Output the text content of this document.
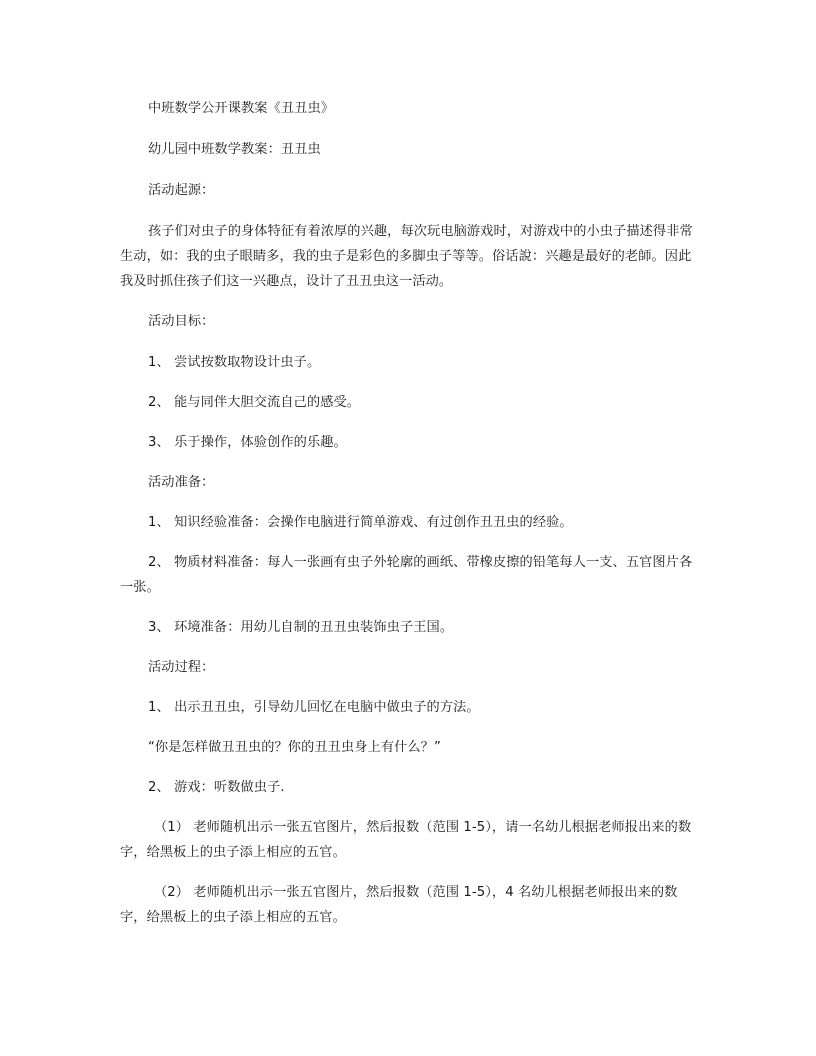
中班数学公开课教案《丑丑虫》

幼儿园中班数学教案：丑丑虫

活动起源：

孩子们对虫子的身体特征有着浓厚的兴趣，每次玩电脑游戏时，对游戏中的小虫子描述得非常生动，如：我的虫子眼睛多，我的虫子是彩色的多脚虫子等等。俗话說：兴趣是最好的老師。因此我及时抓住孩子们这一兴趣点，设计了丑丑虫这一活动。

活动目标：

1、 尝试按数取物设计虫子。

2、 能与同伴大胆交流自己的感受。

3、 乐于操作，体验创作的乐趣。

活动准备：

1、 知识经验准备：会操作电脑进行简单游戏、有过创作丑丑虫的经验。

2、 物质材料准备：每人一张画有虫子外轮廓的画纸、带橡皮擦的铅笔每人一支、五官图片各一张。

3、 环境准备：用幼儿自制的丑丑虫装饰虫子王国。

活动过程：

1、 出示丑丑虫，引导幼儿回忆在电脑中做虫子的方法。

“你是怎样做丑丑虫的？你的丑丑虫身上有什么？”

2、 游戏：听数做虫子.

（1） 老师随机出示一张五官图片，然后报数（范围 1-5），请一名幼儿根据老师报出来的数字，给黑板上的虫子添上相应的五官。

（2） 老师随机出示一张五官图片，然后报数（范围 1-5），4 名幼儿根据老师报出来的数字，给黑板上的虫子添上相应的五官。
